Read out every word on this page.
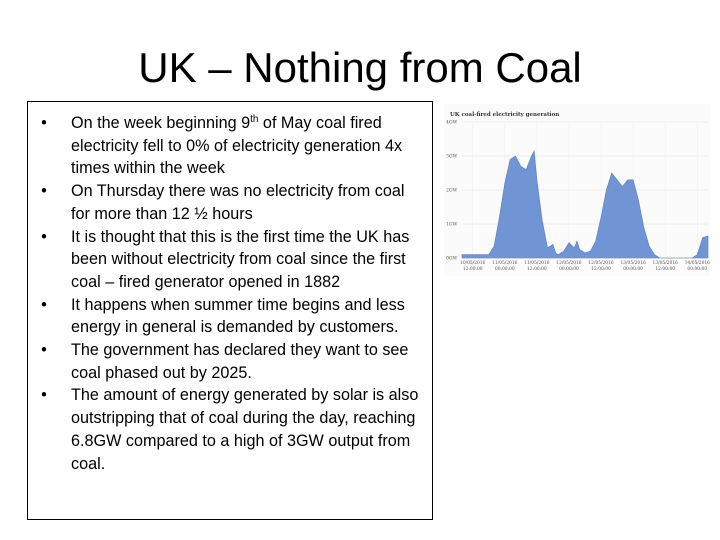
UK – Nothing from Coal
• On the week beginning 9th of May coal fired electricity fell to 0% of electricity generation 4x times within the week
• On Thursday there was no electricity from coal for more than 12 ½ hours
• It is thought that this is the first time the UK has been without electricity from coal since the first coal – fired generator opened in 1882
• It happens when summer time begins and less energy in general is demanded by customers.
• The government has declared they want to see coal phased out by 2025.
• The amount of energy generated by solar is also outstripping that of coal during the day, reaching 6.8GW compared to a high of 3GW output from coal.
UK coal-fired electricity generation
0GW
1GW
2GW
3GW
4GW
10/05/2016 12:00:00
11/05/2016 00:00:00
11/05/2016 12:00:00
12/05/2016 00:00:00
12/05/2016 12:00:00
13/05/2016 00:00:00
13/05/2016 12:00:00
14/05/2016 00:00:00
